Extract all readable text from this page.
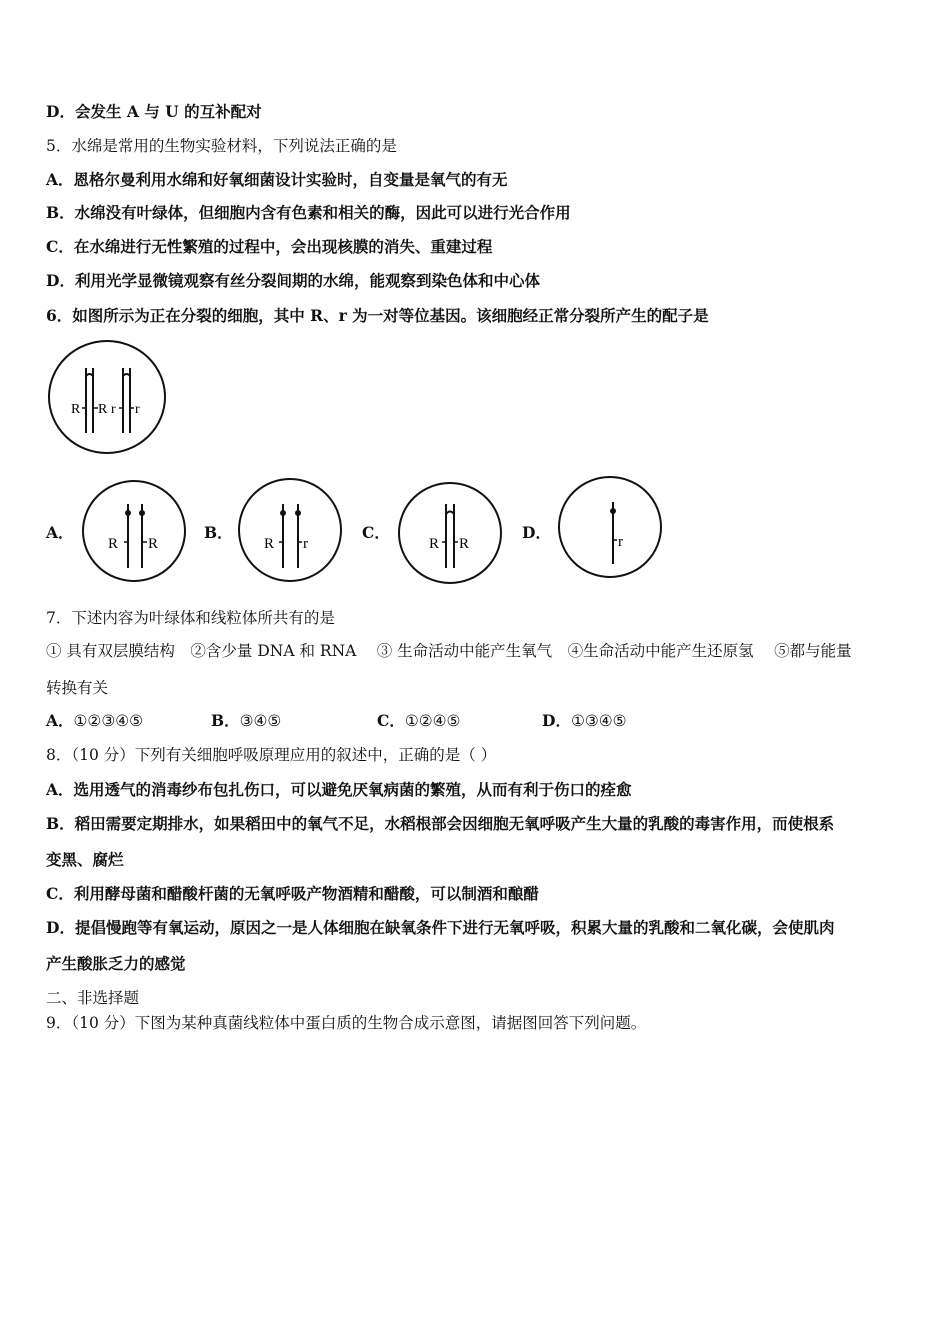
D．会发生 A 与 U 的互补配对
5．水绵是常用的生物实验材料，下列说法正确的是
A．恩格尔曼利用水绵和好氧细菌设计实验时，自变量是氧气的有无
B．水绵没有叶绿体，但细胞内含有色素和相关的酶，因此可以进行光合作用
C．在水绵进行无性繁殖的过程中，会出现核膜的消失、重建过程
D．利用光学显微镜观察有丝分裂间期的水绵，能观察到染色体和中心体
6．如图所示为正在分裂的细胞，其中 R、r 为一对等位基因。该细胞经正常分裂所产生的配子是
R R r r
A．
R R
B．
R r
C．
R R
D．	r
7．下述内容为叶绿体和线粒体所共有的是
① 具有双层膜结构　②含少量 DNA 和 RNA　 ③ 生命活动中能产生氧气　④生命活动中能产生还原氢　 ⑤都与能量
转换有关
A．①②③④⑤	B．③④⑤	C．①②④⑤	D．①③④⑤
8．（10 分）下列有关细胞呼吸原理应用的叙述中，正确的是（ ）
A．选用透气的消毒纱布包扎伤口，可以避免厌氧病菌的繁殖，从而有利于伤口的痊愈
B．稻田需要定期排水，如果稻田中的氧气不足，水稻根部会因细胞无氧呼吸产生大量的乳酸的毒害作用，而使根系
变黑、腐烂
C．利用酵母菌和醋酸杆菌的无氧呼吸产物酒精和醋酸，可以制酒和酿醋
D．提倡慢跑等有氧运动，原因之一是人体细胞在缺氧条件下进行无氧呼吸，积累大量的乳酸和二氧化碳，会使肌肉
产生酸胀乏力的感觉
二、非选择题
9．（10 分）下图为某种真菌线粒体中蛋白质的生物合成示意图，请据图回答下列问题。
